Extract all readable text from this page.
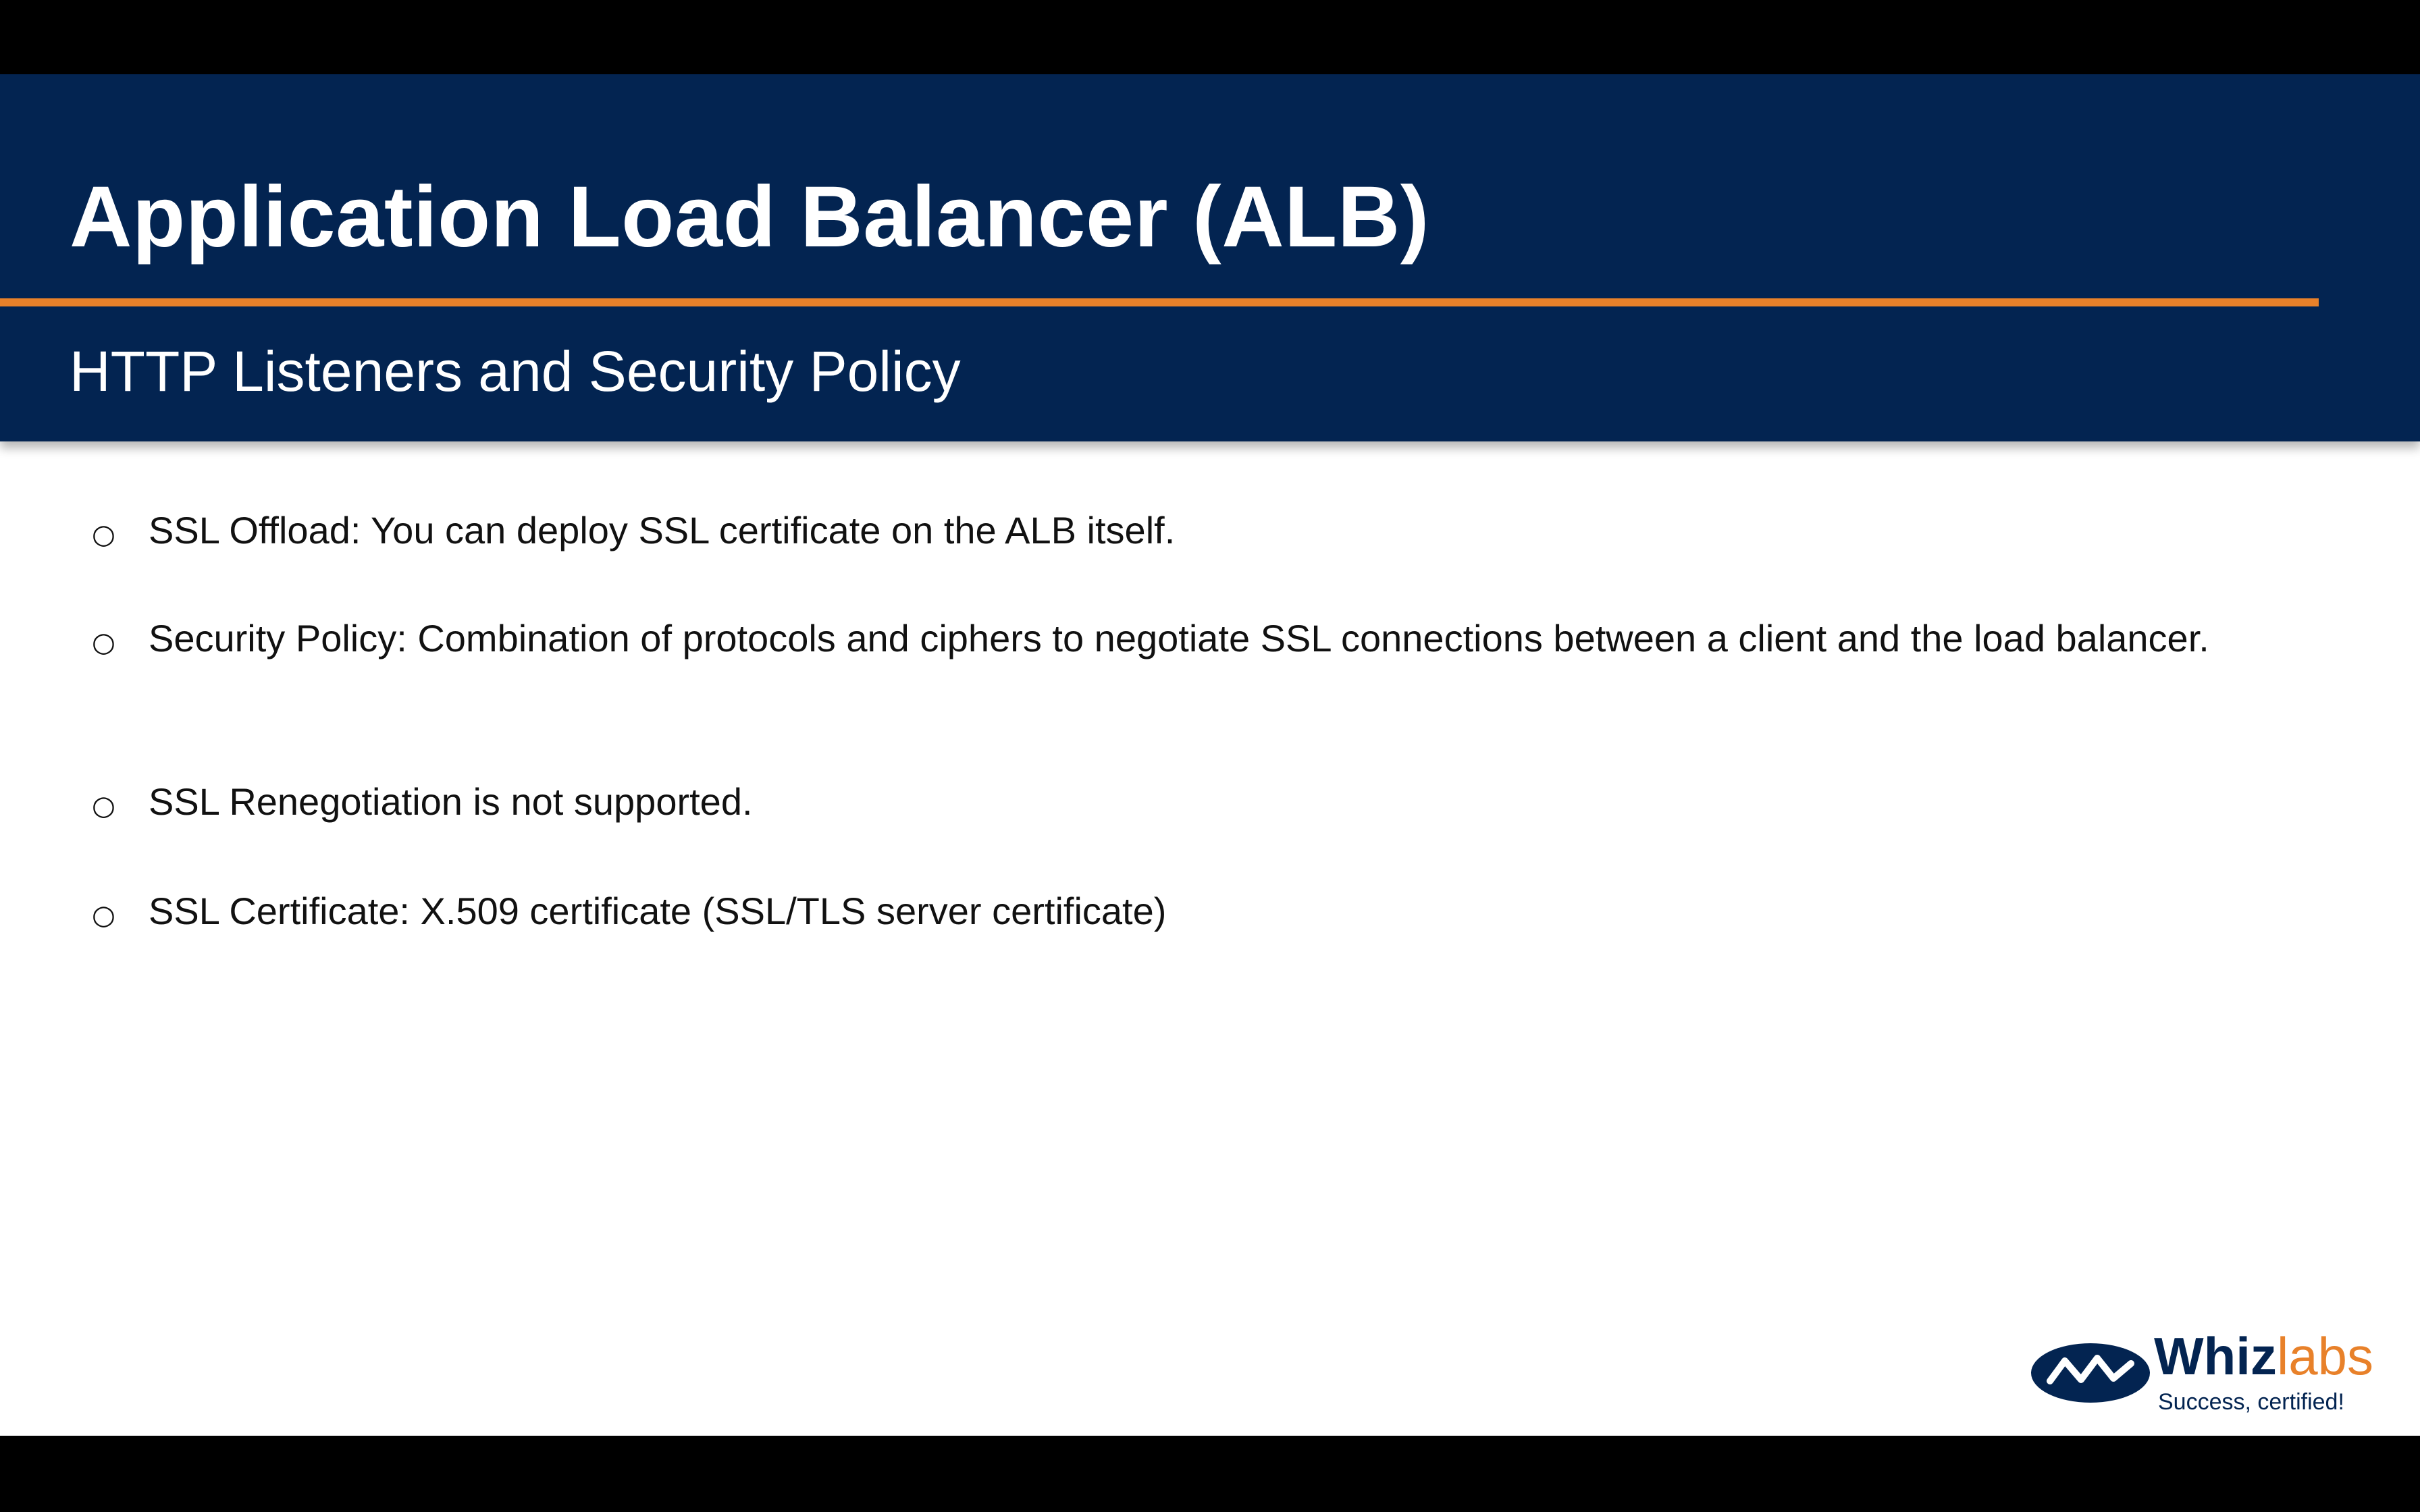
Application Load Balancer (ALB)
HTTP Listeners and Security Policy
○ SSL Offload: You can deploy SSL certificate on the ALB itself.
○ Security Policy: Combination of protocols and ciphers to negotiate SSL connections between a client and the load balancer.
○ SSL Renegotiation is not supported.
○ SSL Certificate: X.509 certificate (SSL/TLS server certificate)
Whizlabs
Success, certified!
